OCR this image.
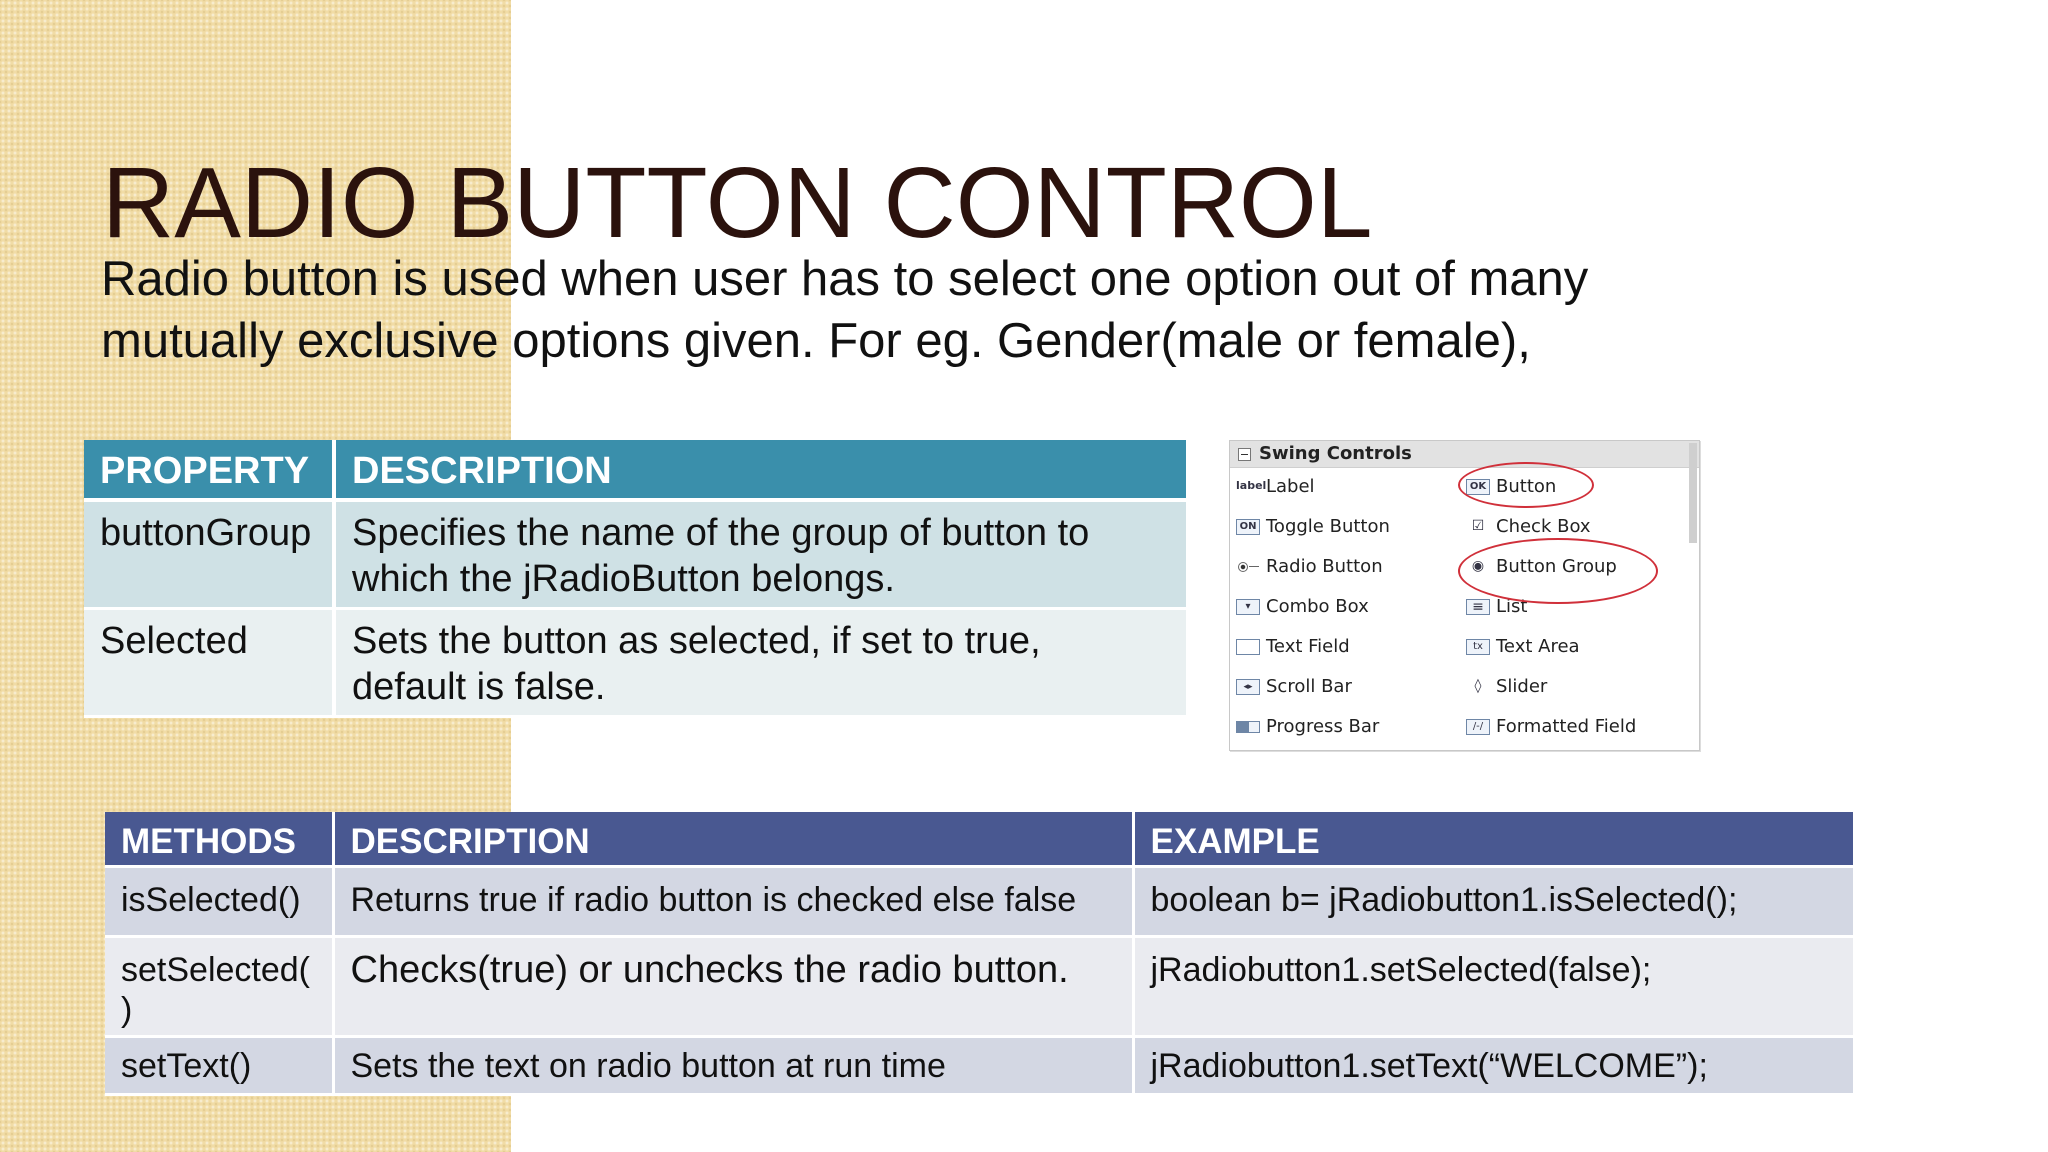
RADIO BUTTON CONTROL

Radio button is used when user has to select one option out of many
mutually exclusive options given. For eg. Gender(male or female),

PROPERTY	DESCRIPTION
buttonGroup	Specifies the name of the group of button to
which the jRadioButton belongs.

Selected	Sets the button as selected, if set to true,
default is false.
Swing Controls
label Label
ON Toggle Button
Radio Button
▾ Combo Box
Text Field
◂▸ Scroll Bar
Progress Bar
OK Button
☑ Check Box
◉ Button Group
≡ List
tx Text Area
◊ Slider
/-/ Formatted Field
METHODS	DESCRIPTION	EXAMPLE

isSelected()	Returns true if radio button is checked else false	boolean b= jRadiobutton1.isSelected();

setSelected(
)	Checks(true) or unchecks the radio button.	jRadiobutton1.setSelected(false);

setText()	Sets the text on radio button at run time	jRadiobutton1.setText(“WELCOME”);
